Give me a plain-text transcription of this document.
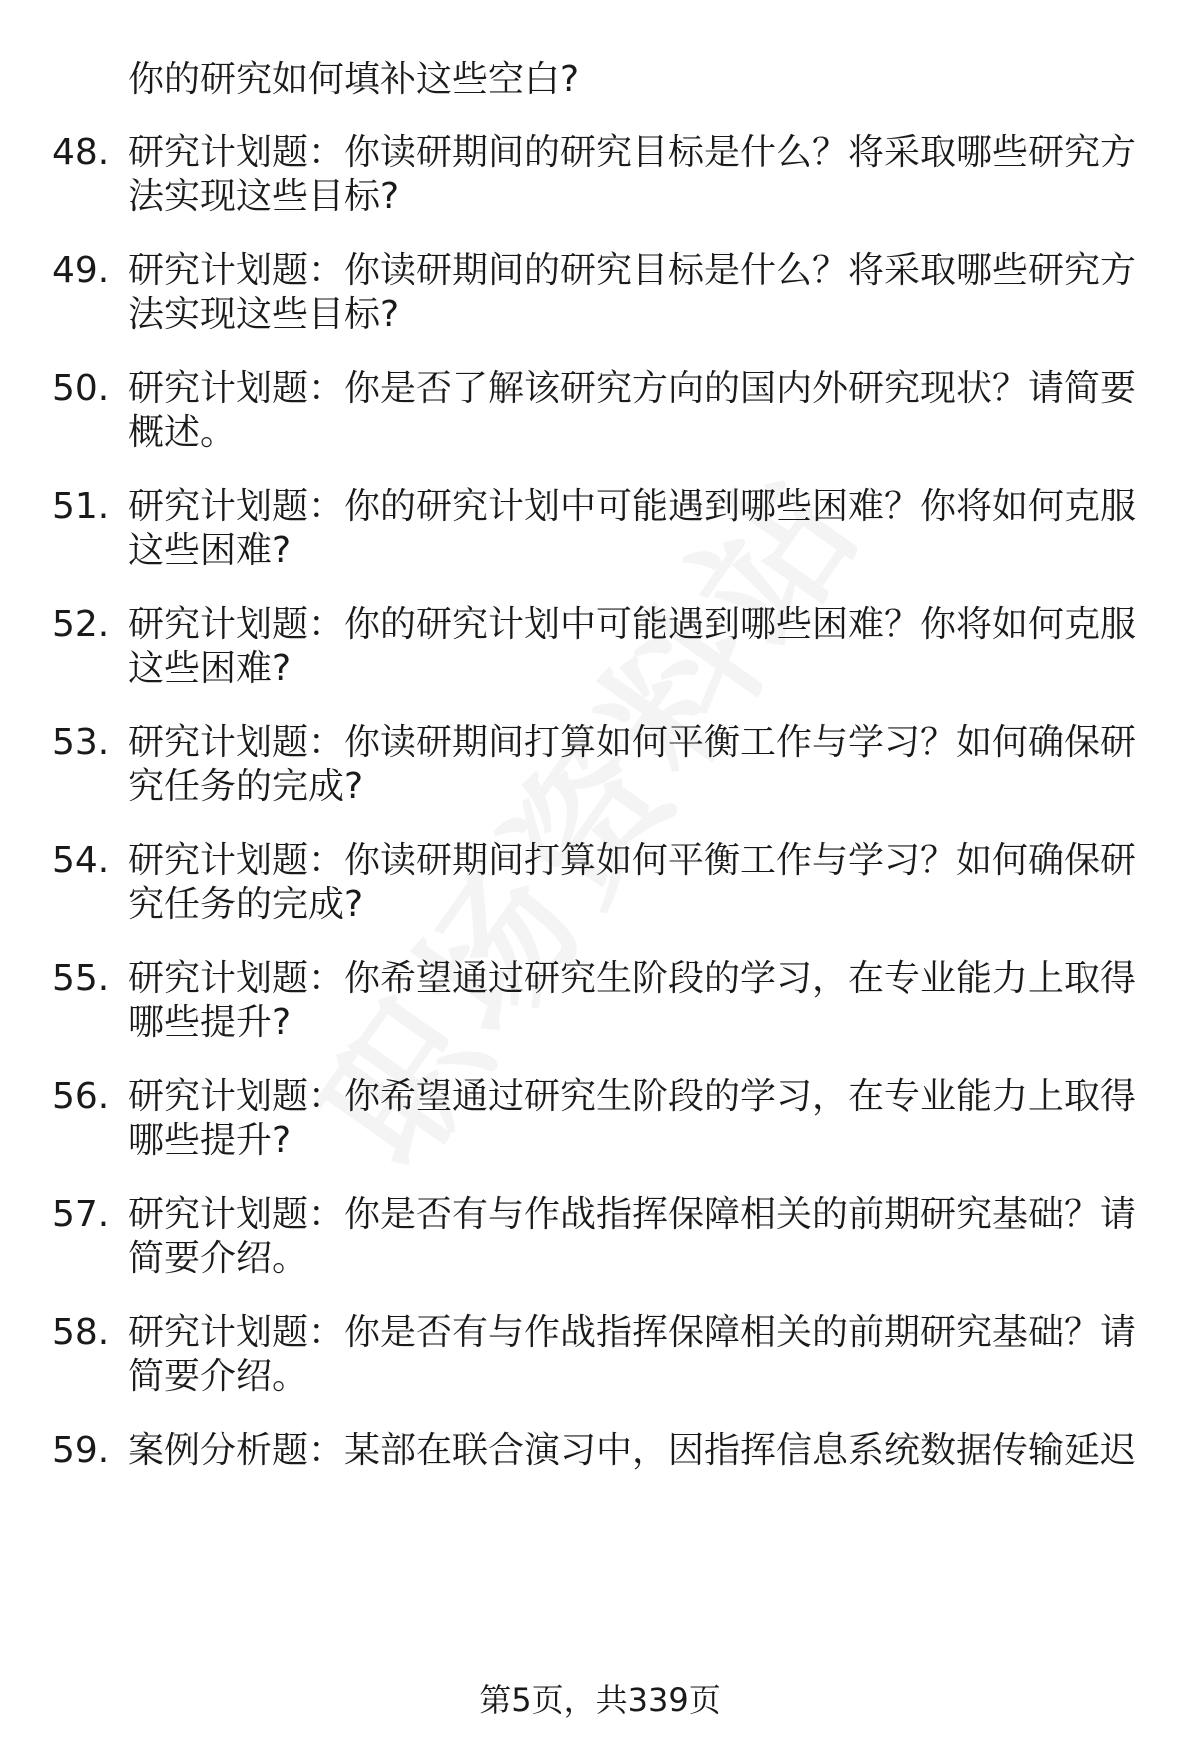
你的研究如何填补这些空白?
48. 研究计划题：你读研期间的研究目标是什么？将采取哪些研究方
法实现这些目标?
49. 研究计划题：你读研期间的研究目标是什么？将采取哪些研究方
法实现这些目标?
50. 研究计划题：你是否了解该研究方向的国内外研究现状？请简要
概述。
51. 研究计划题：你的研究计划中可能遇到哪些困难？你将如何克服
这些困难?
52. 研究计划题：你的研究计划中可能遇到哪些困难？你将如何克服
这些困难?
53. 研究计划题：你读研期间打算如何平衡工作与学习？如何确保研
究任务的完成?
54. 研究计划题：你读研期间打算如何平衡工作与学习？如何确保研
究任务的完成?
55. 研究计划题：你希望通过研究生阶段的学习，在专业能力上取得
哪些提升?
56. 研究计划题：你希望通过研究生阶段的学习，在专业能力上取得
哪些提升?
57. 研究计划题：你是否有与作战指挥保障相关的前期研究基础？请
简要介绍。
58. 研究计划题：你是否有与作战指挥保障相关的前期研究基础？请
简要介绍。
59. 案例分析题：某部在联合演习中，因指挥信息系统数据传输延迟
第5页，共339页
